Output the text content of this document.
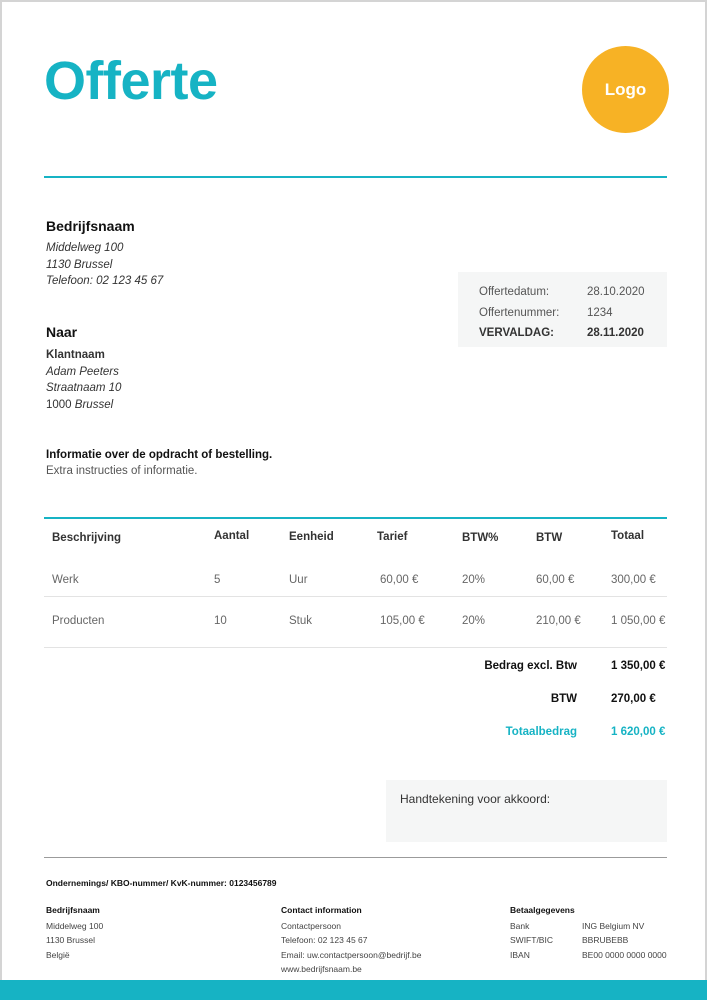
Offerte	Logo
Bedrijfsnaam
Middelweg 100
1130 Brussel
Telefoon: 02 123 45 67
Offertedatum:	28.10.2020
Offertenummer:	1234
VERVALDAG:	28.11.2020
Naar
Klantnaam
Adam Peeters
Straatnaam 10
1000 Brussel
Informatie over de opdracht of bestelling.
Extra instructies of informatie.
Beschrijving	Aantal	Eenheid	Tarief	BTW%	BTW	Totaal
Werk	5	Uur	60,00 €	20%	60,00 €	300,00 €
Producten	10	Stuk	105,00 €	20%	210,00 €	1 050,00 €
Bedrag excl. Btw	1 350,00 €
BTW	270,00 €
Totaalbedrag	1 620,00 €
Handtekening voor akkoord:
Ondernemings/ KBO-nummer/ KvK-nummer: 0123456789
Bedrijfsnaam
Middelweg 100
1130 Brussel
België
Contact information
Contactpersoon
Telefoon: 02 123 45 67
Email: uw.contactpersoon@bedrijf.be
www.bedrijfsnaam.be
Betaalgegevens
Bank	ING Belgium NV
SWIFT/BIC	BBRUBEBB
IBAN	BE00 0000 0000 0000
